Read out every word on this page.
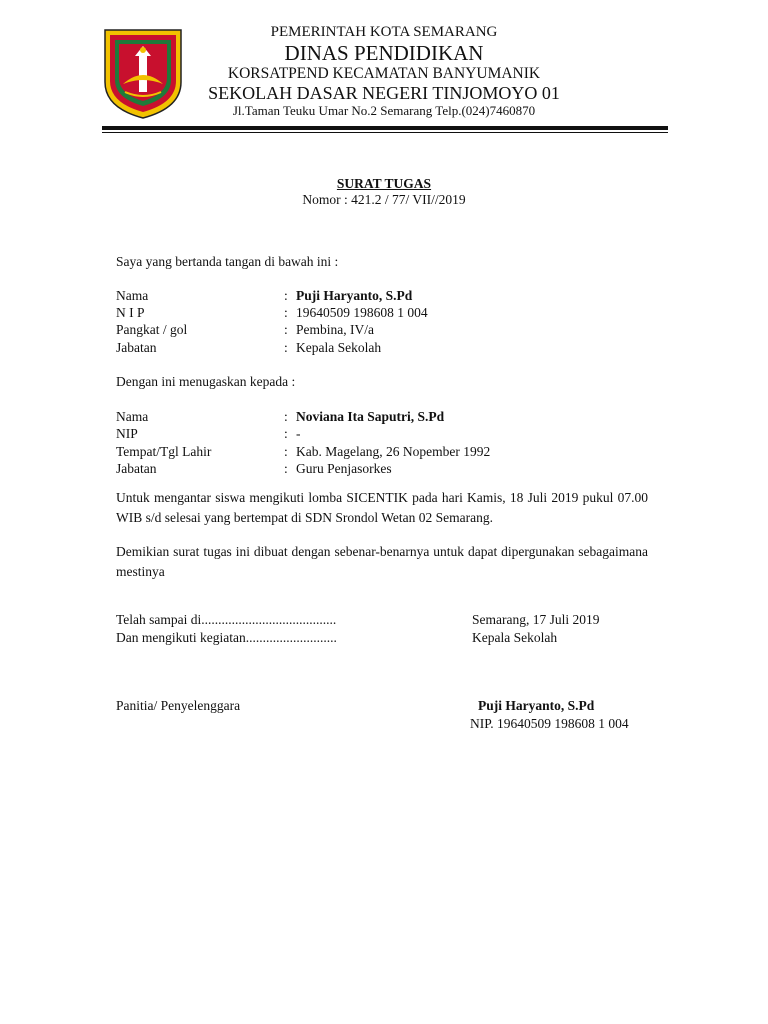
PEMERINTAH KOTA SEMARANG
DINAS PENDIDIKAN
KORSATPEND KECAMATAN BANYUMANIK
SEKOLAH DASAR NEGERI TINJOMOYO 01
Jl.Taman Teuku Umar No.2 Semarang Telp.(024)7460870
SURAT TUGAS
Nomor : 421.2 / 77/ VII//2019
Saya yang bertanda tangan di bawah ini :
Nama	: Puji Haryanto, S.Pd
N I P	: 19640509 198608 1 004
Pangkat / gol	: Pembina, IV/a
Jabatan	: Kepala Sekolah
Dengan ini menugaskan kepada :
Nama	: Noviana Ita Saputri, S.Pd
NIP	: -
Tempat/Tgl Lahir	: Kab. Magelang, 26 Nopember 1992
Jabatan	: Guru Penjasorkes
Untuk mengantar siswa mengikuti lomba SICENTIK pada hari Kamis, 18 Juli 2019 pukul 07.00 WIB s/d selesai yang bertempat di SDN Srondol Wetan 02 Semarang.
Demikian surat tugas ini dibuat dengan sebenar-benarnya untuk dapat dipergunakan sebagaimana mestinya
Telah sampai di........................................
Dan mengikuti kegiatan...........................
Panitia/ Penyelenggara
Semarang, 17 Juli 2019
Kepala Sekolah
Puji Haryanto, S.Pd
NIP. 19640509 198608 1 004
